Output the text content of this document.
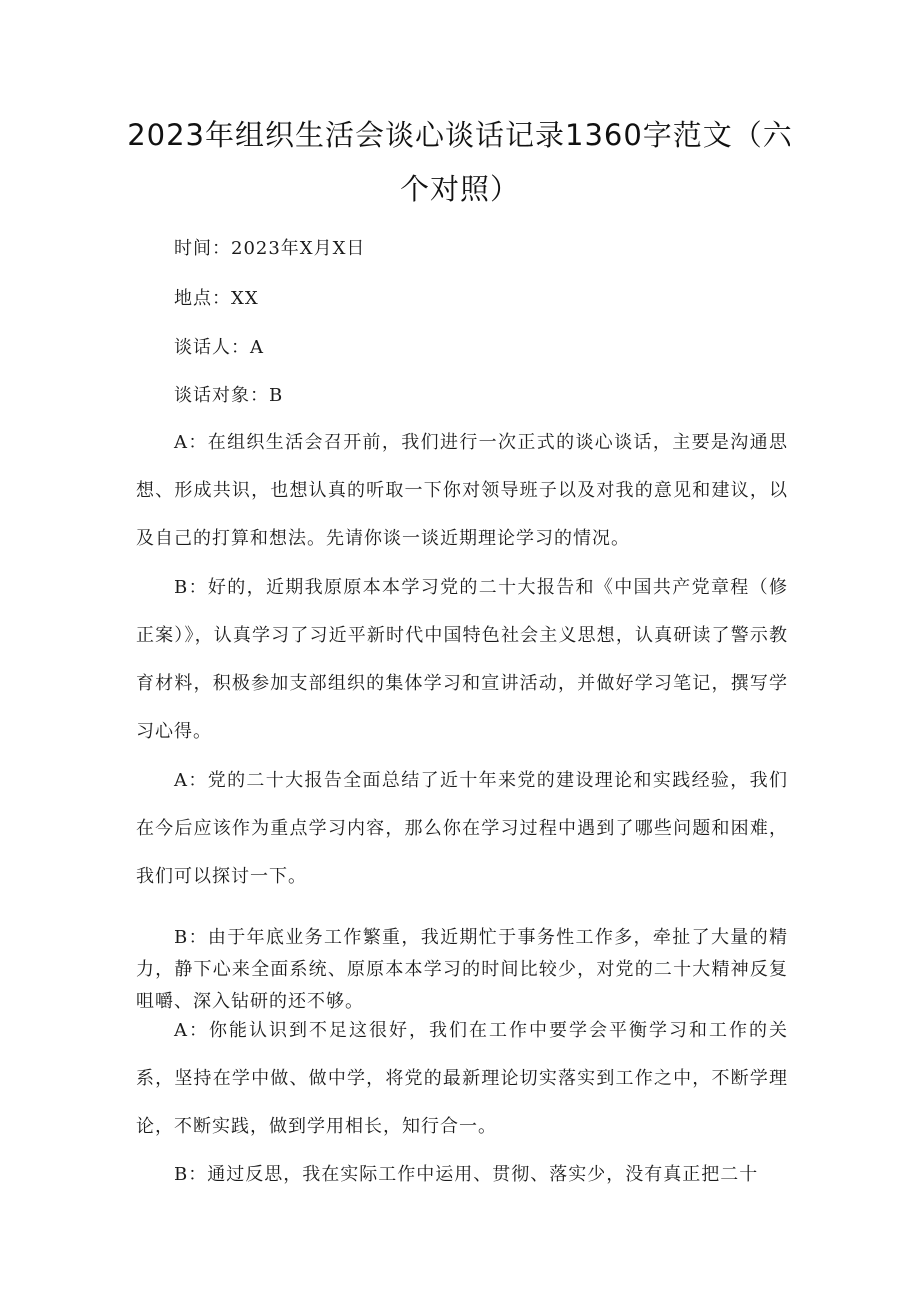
2023年组织生活会谈心谈话记录1360字范文（六个对照）

时间：2023年X月X日

地点：XX

谈话人：A

谈话对象：B

A：在组织生活会召开前，我们进行一次正式的谈心谈话，主要是沟通思想、形成共识，也想认真的听取一下你对领导班子以及对我的意见和建议，以及自己的打算和想法。先请你谈一谈近期理论学习的情况。

B：好的，近期我原原本本学习党的二十大报告和《中国共产党章程（修正案）》，认真学习了习近平新时代中国特色社会主义思想，认真研读了警示教育材料，积极参加支部组织的集体学习和宣讲活动，并做好学习笔记，撰写学习心得。

A：党的二十大报告全面总结了近十年来党的建设理论和实践经验，我们在今后应该作为重点学习内容，那么你在学习过程中遇到了哪些问题和困难，我们可以探讨一下。

B：由于年底业务工作繁重，我近期忙于事务性工作多，牵扯了大量的精力，静下心来全面系统、原原本本学习的时间比较少，对党的二十大精神反复咀嚼、深入钻研的还不够。

A：你能认识到不足这很好，我们在工作中要学会平衡学习和工作的关系，坚持在学中做、做中学，将党的最新理论切实落实到工作之中，不断学理论，不断实践，做到学用相长，知行合一。

B：通过反思，我在实际工作中运用、贯彻、落实少，没有真正把二十
